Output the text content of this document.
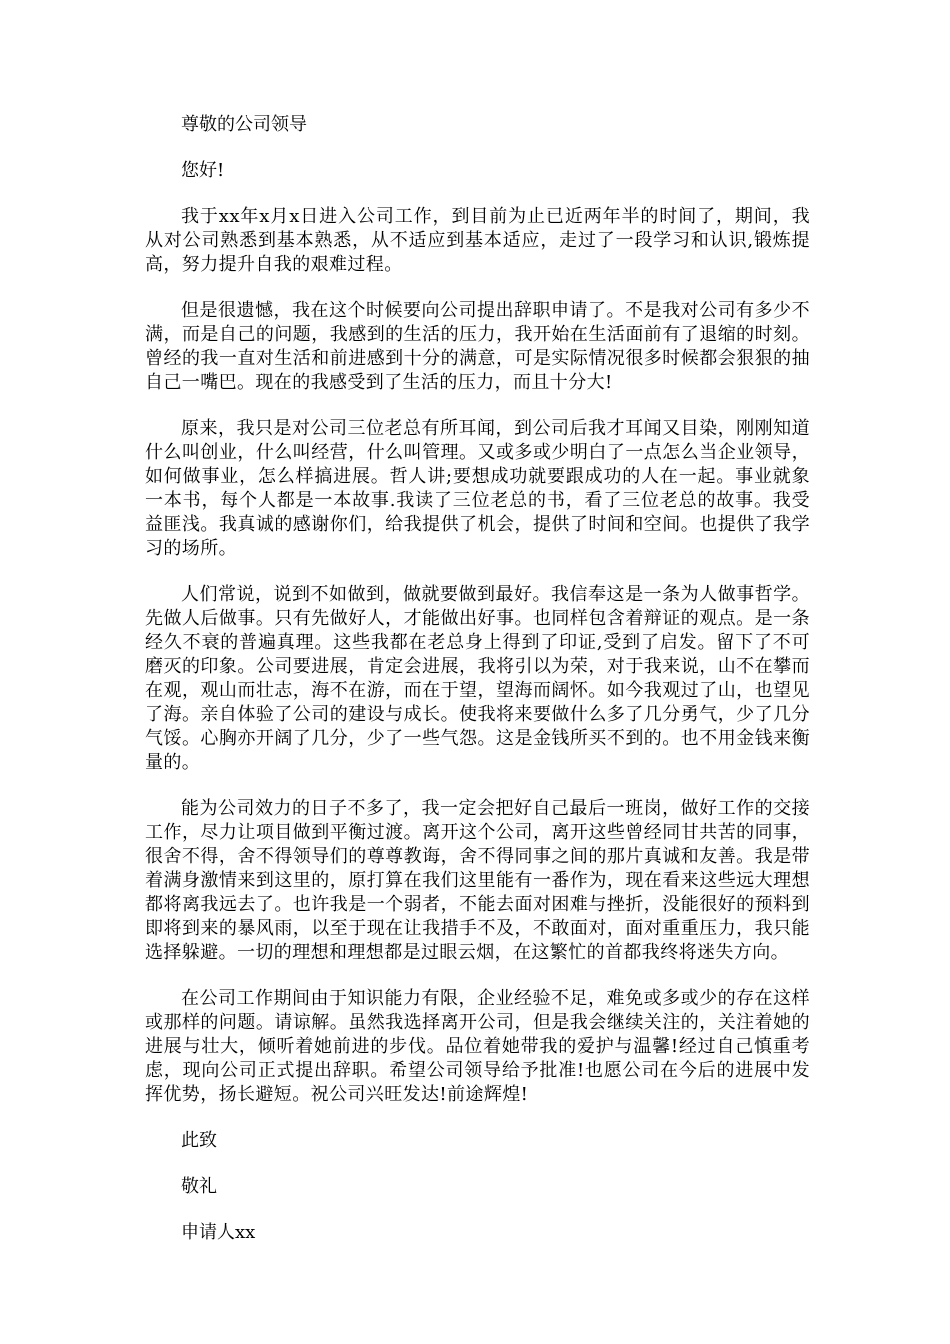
尊敬的公司领导
您好!

我于xx年x月x日进入公司工作，到目前为止已近两年半的时间了，期间，我从对公司熟悉到基本熟悉，从不适应到基本适应，走过了一段学习和认识,锻炼提高，努力提升自我的艰难过程。

但是很遗憾，我在这个时候要向公司提出辞职申请了。不是我对公司有多少不满，而是自己的问题，我感到的生活的压力，我开始在生活面前有了退缩的时刻。曾经的我一直对生活和前进感到十分的满意，可是实际情况很多时候都会狠狠的抽自己一嘴巴。现在的我感受到了生活的压力，而且十分大!

原来，我只是对公司三位老总有所耳闻，到公司后我才耳闻又目染，刚刚知道什么叫创业，什么叫经营，什么叫管理。又或多或少明白了一点怎么当企业领导，如何做事业，怎么样搞进展。哲人讲;要想成功就要跟成功的人在一起。事业就象一本书，每个人都是一本故事.我读了三位老总的书，看了三位老总的故事。我受益匪浅。我真诚的感谢你们，给我提供了机会，提供了时间和空间。也提供了我学习的场所。

人们常说，说到不如做到，做就要做到最好。我信奉这是一条为人做事哲学。先做人后做事。只有先做好人，才能做出好事。也同样包含着辩证的观点。是一条经久不衰的普遍真理。这些我都在老总身上得到了印证,受到了启发。留下了不可磨灭的印象。公司要进展，肯定会进展，我将引以为荣，对于我来说，山不在攀而在观，观山而壮志，海不在游，而在于望，望海而阔怀。如今我观过了山，也望见了海。亲自体验了公司的建设与成长。使我将来要做什么多了几分勇气，少了几分气馁。心胸亦开阔了几分，少了一些气怨。这是金钱所买不到的。也不用金钱来衡量的。

能为公司效力的日子不多了，我一定会把好自己最后一班岗，做好工作的交接工作，尽力让项目做到平衡过渡。离开这个公司，离开这些曾经同甘共苦的同事，很舍不得，舍不得领导们的尊尊教诲，舍不得同事之间的那片真诚和友善。我是带着满身激情来到这里的，原打算在我们这里能有一番作为，现在看来这些远大理想都将离我远去了。也许我是一个弱者，不能去面对困难与挫折，没能很好的预料到即将到来的暴风雨，以至于现在让我措手不及，不敢面对，面对重重压力，我只能选择躲避。一切的理想和理想都是过眼云烟，在这繁忙的首都我终将迷失方向。

在公司工作期间由于知识能力有限，企业经验不足，难免或多或少的存在这样或那样的问题。请谅解。虽然我选择离开公司，但是我会继续关注的，关注着她的进展与壮大，倾听着她前进的步伐。品位着她带我的爱护与温馨!经过自己慎重考虑，现向公司正式提出辞职。希望公司领导给予批准!也愿公司在今后的进展中发挥优势，扬长避短。祝公司兴旺发达!前途辉煌!

此致
敬礼
申请人xx
